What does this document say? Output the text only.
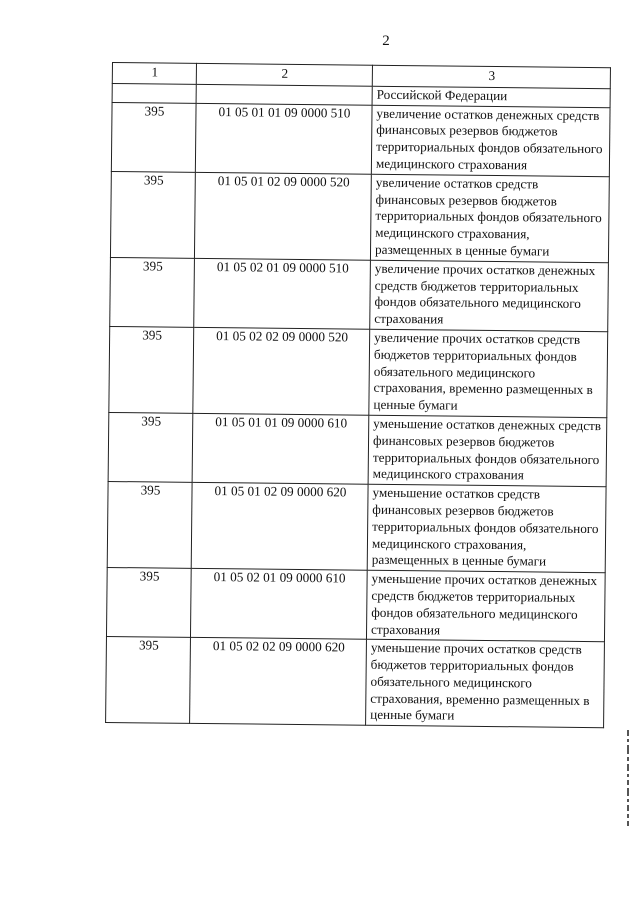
2
1	2	3
		Российской Федерации
395	01 05 01 01 09 0000 510	увеличение остатков денежных средств финансовых резервов бюджетов территориальных фондов обязательного медицинского страхования
395	01 05 01 02 09 0000 520	увеличение остатков средств финансовых резервов бюджетов территориальных фондов обязательного медицинского страхования, размещенных в ценные бумаги
395	01 05 02 01 09 0000 510	увеличение прочих остатков денежных средств бюджетов территориальных фондов обязательного медицинского страхования
395	01 05 02 02 09 0000 520	увеличение прочих остатков средств бюджетов территориальных фондов обязательного медицинского страхования, временно размещенных в ценные бумаги
395	01 05 01 01 09 0000 610	уменьшение остатков денежных средств финансовых резервов бюджетов территориальных фондов обязательного медицинского страхования
395	01 05 01 02 09 0000 620	уменьшение остатков средств финансовых резервов бюджетов территориальных фондов обязательного медицинского страхования, размещенных в ценные бумаги
395	01 05 02 01 09 0000 610	уменьшение прочих остатков денежных средств бюджетов территориальных фондов обязательного медицинского страхования
395	01 05 02 02 09 0000 620	уменьшение прочих остатков средств бюджетов территориальных фондов обязательного медицинского страхования, временно размещенных в ценные бумаги
